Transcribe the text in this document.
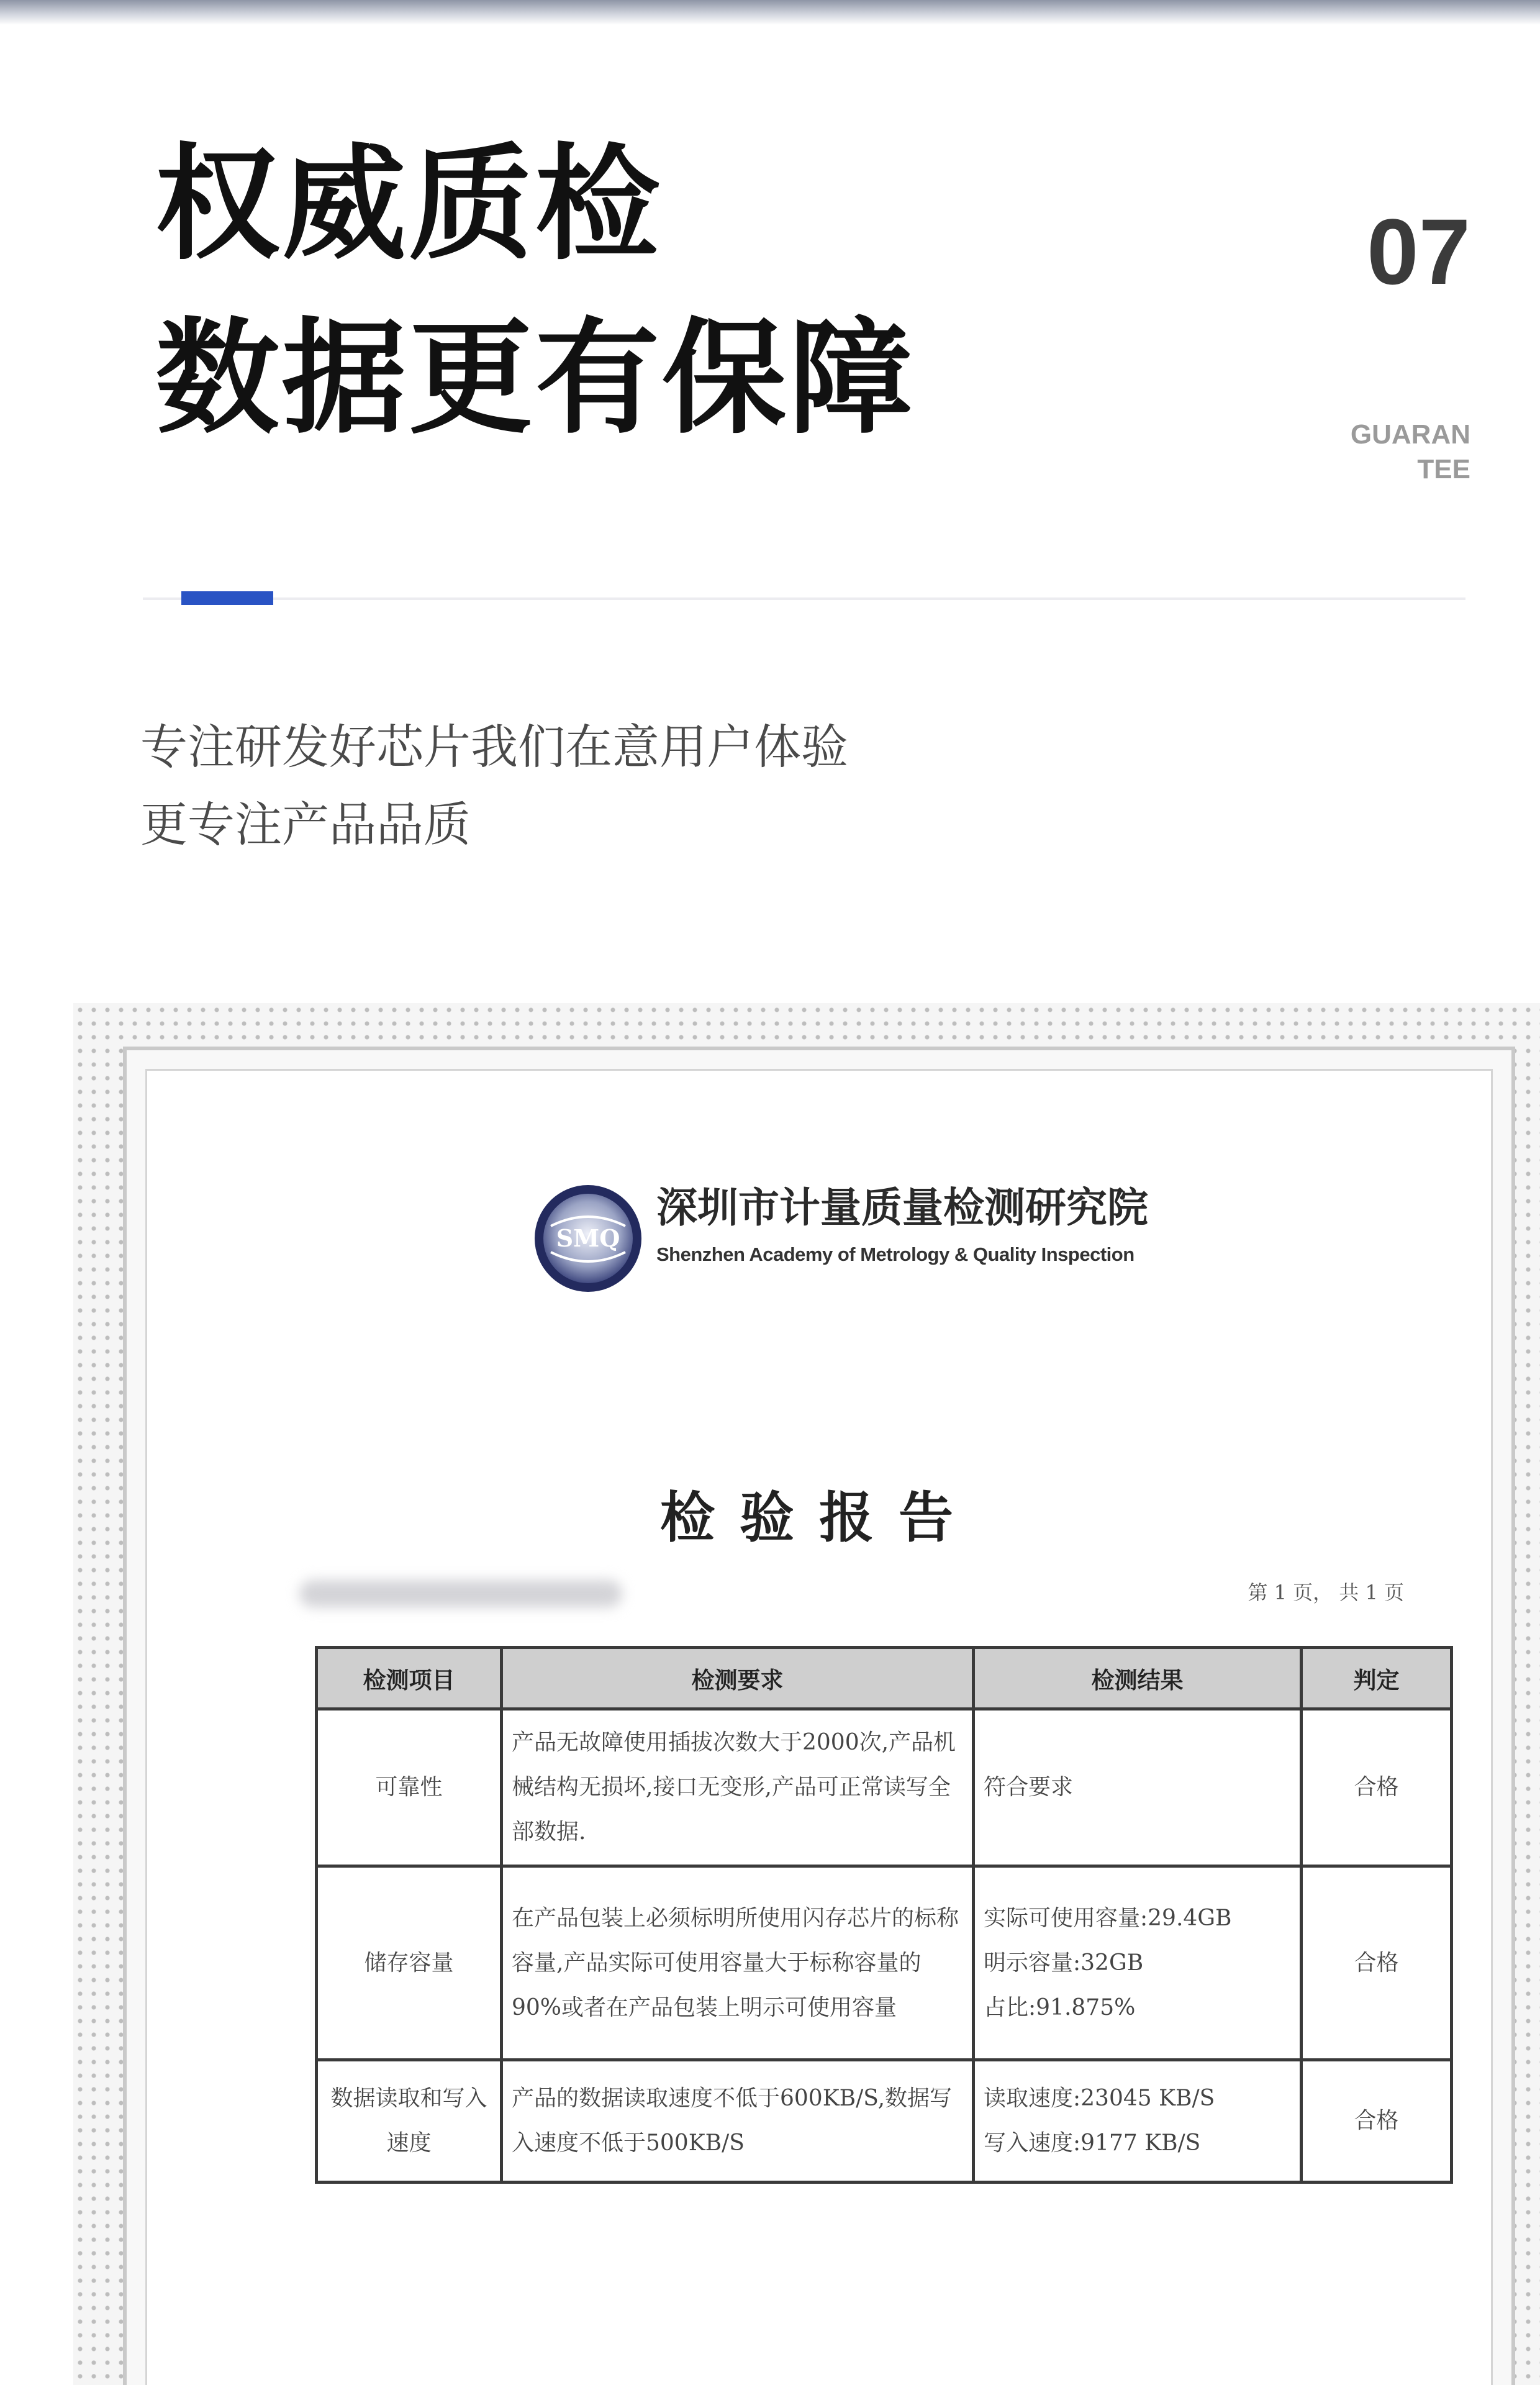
权威质检
数据更有保障
07
GUARAN TEE

专注研发好芯片我们在意用户体验

更专注产品品质

SMQ
深圳市计量质量检测研究院
Shenzhen Academy of Metrology & Quality Inspection
检验报告
第 1 页， 共 1 页
检测项目	检测要求	检测结果	判定
可靠性	产品无故障使用插拔次数大于2000次,产品机械结构无损坏,接口无变形,产品可正常读写全部数据.	符合要求	合格
储存容量	在产品包装上必须标明所使用闪存芯片的标称容量,产品实际可使用容量大于标称容量的90%或者在产品包装上明示可使用容量	实际可使用容量:29.4GB
明示容量:32GB
占比:91.875%	合格
数据读取和写入速度	产品的数据读取速度不低于600KB/S,数据写入速度不低于500KB/S	读取速度:23045 KB/S
写入速度:9177 KB/S	合格
